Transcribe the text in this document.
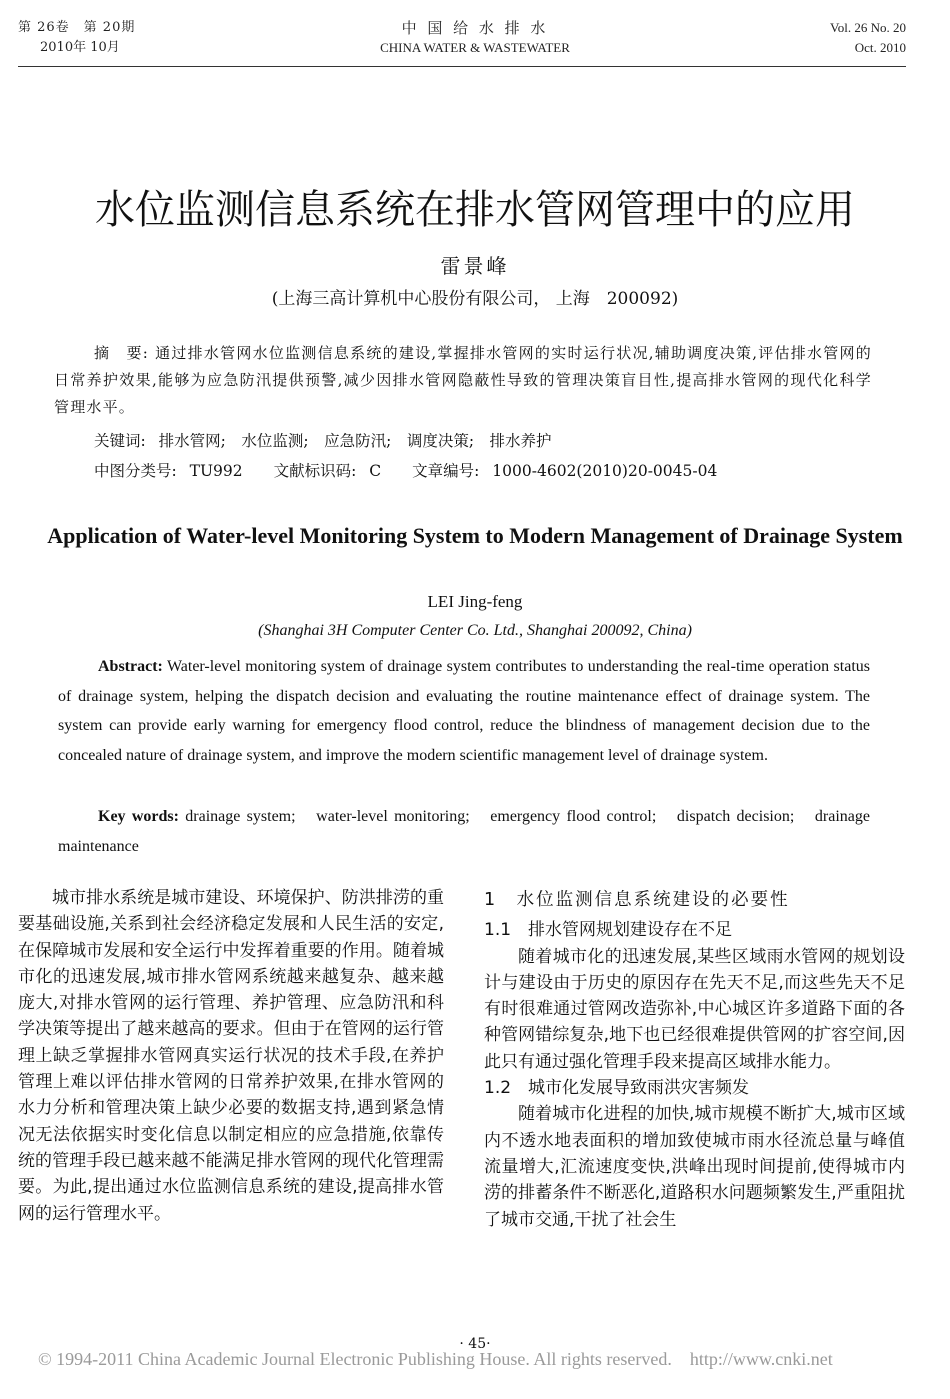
第 26卷　第 20期
2010年 10月
中 国 给 水 排 水
CHINA WATER & WASTEWATER
Vol. 26 No. 20
Oct. 2010
水位监测信息系统在排水管网管理中的应用
雷景峰
(上海三高计算机中心股份有限公司， 上海　200092)
摘　要: 通过排水管网水位监测信息系统的建设,掌握排水管网的实时运行状况,辅助调度决策,评估排水管网的日常养护效果,能够为应急防汛提供预警,减少因排水管网隐蔽性导致的管理决策盲目性,提高排水管网的现代化科学管理水平。
关键词: 排水管网;　水位监测;　应急防汛;　调度决策;　排水养护
中图分类号: TU992　　文献标识码: C　　文章编号: 1000-4602(2010)20-0045-04
Application of Water-level Monitoring System to Modern Management of Drainage System
LEI Jing-feng
(Shanghai 3H Computer Center Co. Ltd., Shanghai 200092, China)
Abstract: Water-level monitoring system of drainage system contributes to understanding the real-time operation status of drainage system, helping the dispatch decision and evaluating the routine maintenance effect of drainage system. The system can provide early warning for emergency flood control, reduce the blindness of management decision due to the concealed nature of drainage system, and improve the modern scientific management level of drainage system.
Key words: drainage system;　water-level monitoring;　emergency flood control;　dispatch decision;　drainage maintenance

城市排水系统是城市建设、环境保护、防洪排涝的重要基础设施,关系到社会经济稳定发展和人民生活的安定,在保障城市发展和安全运行中发挥着重要的作用。随着城市化的迅速发展,城市排水管网系统越来越复杂、越来越庞大,对排水管网的运行管理、养护管理、应急防汛和科学决策等提出了越来越高的要求。但由于在管网的运行管理上缺乏掌握排水管网真实运行状况的技术手段,在养护管理上难以评估排水管网的日常养护效果,在排水管网的水力分析和管理决策上缺少必要的数据支持,遇到紧急情况无法依据实时变化信息以制定相应的应急措施,依靠传统的管理手段已越来越不能满足排水管网的现代化管理需要。为此,提出通过水位监测信息系统的建设,提高排水管网的运行管理水平。

1　水位监测信息系统建设的必要性

1.1　排水管网规划建设存在不足

随着城市化的迅速发展,某些区域雨水管网的规划设计与建设由于历史的原因存在先天不足,而这些先天不足有时很难通过管网改造弥补,中心城区许多道路下面的各种管网错综复杂,地下也已经很难提供管网的扩容空间,因此只有通过强化管理手段来提高区域排水能力。

1.2　城市化发展导致雨洪灾害频发

随着城市化进程的加快,城市规模不断扩大,城市区域内不透水地表面积的增加致使城市雨水径流总量与峰值流量增大,汇流速度变快,洪峰出现时间提前,使得城市内涝的排蓄条件不断恶化,道路积水问题频繁发生,严重阻扰了城市交通,干扰了社会生

· 45·
© 1994-2011 China Academic Journal Electronic Publishing House. All rights reserved.　http://www.cnki.net
